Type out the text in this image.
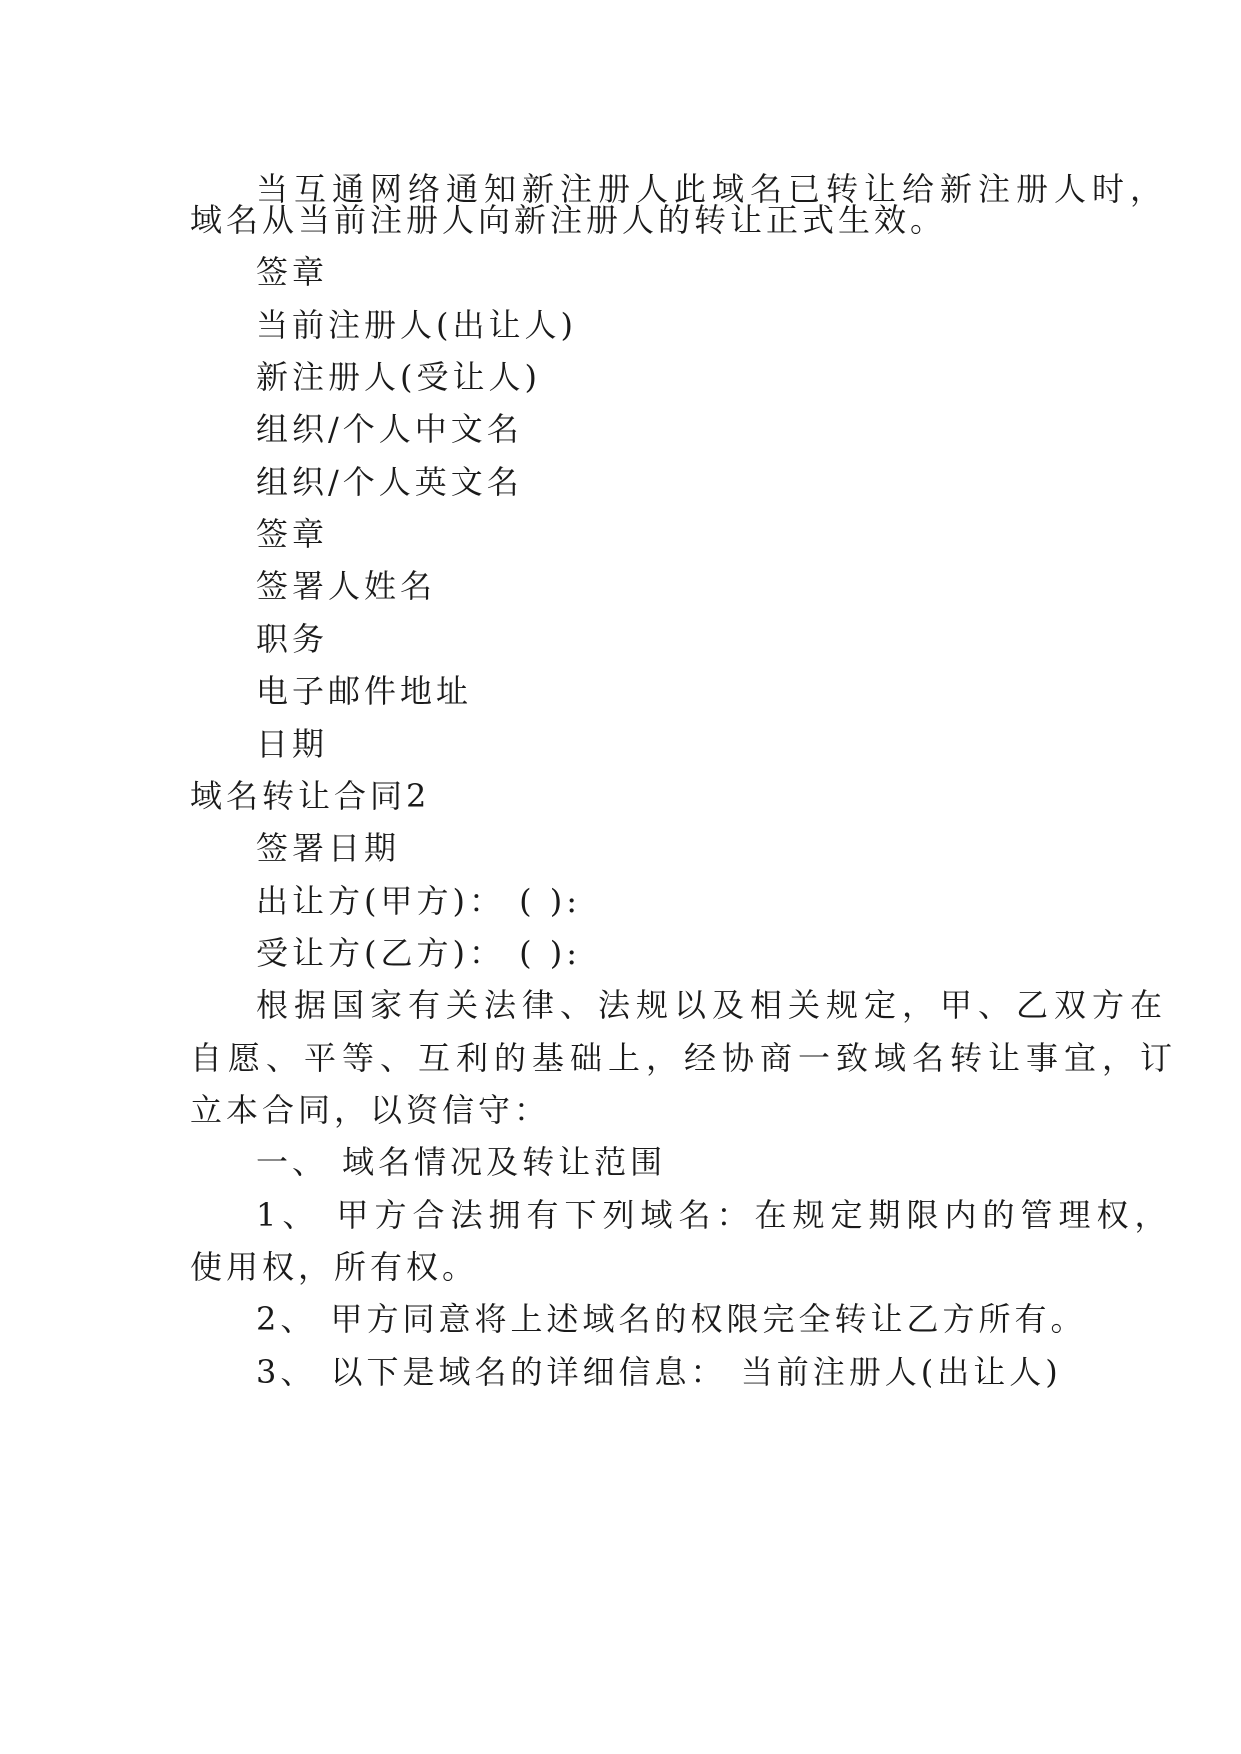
当互通网络通知新注册人此域名已转让给新注册人时，
域名从当前注册人向新注册人的转让正式生效。
签章
当前注册人(出让人)
新注册人(受让人)
组织/个人中文名
组织/个人英文名
签章
签署人姓名
职务
电子邮件地址
日期
域名转让合同2
签署日期
出让方(甲方)： ( ):
受让方(乙方)： ( ):
根据国家有关法律、法规以及相关规定，甲、乙双方在
自愿、平等、互利的基础上，经协商一致域名转让事宜，订
立本合同，以资信守：
一、 域名情况及转让范围
1、 甲方合法拥有下列域名：在规定期限内的管理权，
使用权，所有权。
2、 甲方同意将上述域名的权限完全转让乙方所有。
3、 以下是域名的详细信息： 当前注册人(出让人)
